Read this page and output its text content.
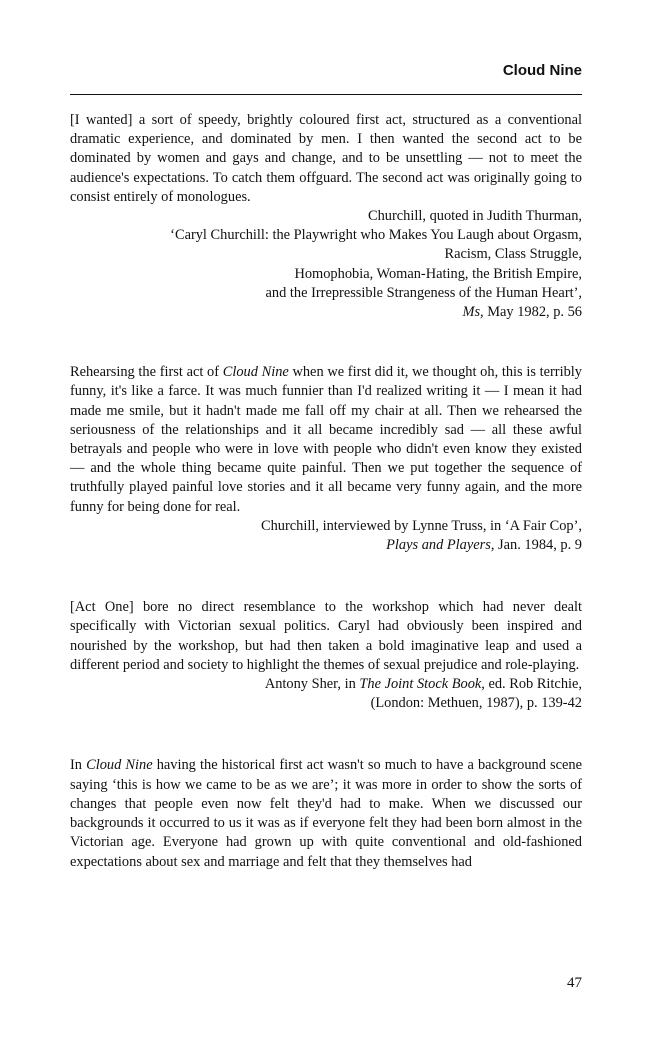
Cloud Nine

[I wanted] a sort of speedy, brightly coloured first act, structured as a conventional dramatic experience, and dominated by men. I then wanted the second act to be dominated by women and gays and change, and to be unsettling — not to meet the audience's expectations. To catch them offguard. The second act was originally going to consist entirely of monologues.

Churchill, quoted in Judith Thurman,
‘Caryl Churchill: the Playwright who Makes You Laugh about Orgasm,
Racism, Class Struggle,
Homophobia, Woman-Hating, the British Empire,
and the Irrepressible Strangeness of the Human Heart’,
Ms, May 1982, p. 56

Rehearsing the first act of Cloud Nine when we first did it, we thought oh, this is terribly funny, it's like a farce. It was much funnier than I'd realized writing it — I mean it had made me smile, but it hadn't made me fall off my chair at all. Then we rehearsed the seriousness of the relationships and it all became incredibly sad — all these awful betrayals and people who were in love with people who didn't even know they existed — and the whole thing became quite painful. Then we put together the sequence of truthfully played painful love stories and it all became very funny again, and the more funny for being done for real.

Churchill, interviewed by Lynne Truss, in ‘A Fair Cop’,
Plays and Players, Jan. 1984, p. 9

[Act One] bore no direct resemblance to the workshop which had never dealt specifically with Victorian sexual politics. Caryl had obviously been inspired and nourished by the workshop, but had then taken a bold imaginative leap and used a different period and society to highlight the themes of sexual prejudice and role-playing.

Antony Sher, in The Joint Stock Book, ed. Rob Ritchie,
(London: Methuen, 1987), p. 139-42

In Cloud Nine having the historical first act wasn't so much to have a background scene saying ‘this is how we came to be as we are’; it was more in order to show the sorts of changes that people even now felt they'd had to make. When we discussed our backgrounds it occurred to us it was as if everyone felt they had been born almost in the Victorian age. Everyone had grown up with quite conventional and old-fashioned expectations about sex and marriage and felt that they themselves had

47
